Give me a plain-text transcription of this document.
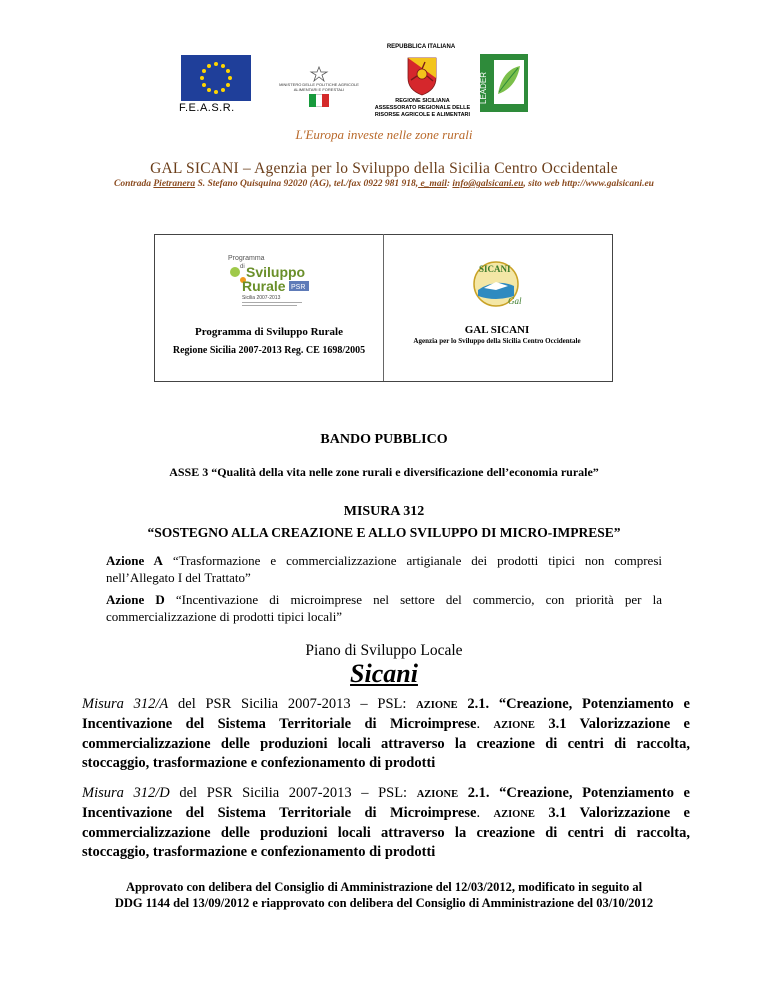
F.E.A.S.R.
MINISTERO DELLE POLITICHE AGRICOLE ALIMENTARI E FORESTALI
REPUBBLICA ITALIANA
REGIONE SICILIANA
ASSESSORATO REGIONALE DELLE
RISORSE AGRICOLE E ALIMENTARI
LEADER
L'Europa investe nelle zone rurali
GAL SICANI – Agenzia per lo Sviluppo della Sicilia Centro Occidentale
Contrada Pietranera S. Stefano Quisquina 92020 (AG), tel./fax 0922 981 918, e_mail: info@galsicani.eu, sito web http://www.galsicani.eu
Programma
di Sviluppo
Rurale PSR
Sicilia 2007-2013
Programma di Sviluppo Rurale
Regione Sicilia 2007-2013 Reg. CE 1698/2005
SICANI
Gal
GAL SICANI
Agenzia per lo Sviluppo della Sicilia Centro Occidentale
BANDO PUBBLICO
ASSE 3 “Qualità della vita nelle zone rurali e diversificazione dell’economia rurale”
MISURA 312
“SOSTEGNO ALLA CREAZIONE E ALLO SVILUPPO DI MICRO-IMPRESE”
Azione A “Trasformazione e commercializzazione artigianale dei prodotti tipici non compresi nell’Allegato I del Trattato”
Azione D “Incentivazione di microimprese nel settore del commercio, con priorità per la commercializzazione di prodotti tipici locali”
Piano di Sviluppo Locale
Sicani
Misura 312/A del PSR Sicilia 2007-2013 – PSL: AZIONE 2.1. “Creazione, Potenziamento e Incentivazione del Sistema Territoriale di Microimprese. AZIONE 3.1 Valorizzazione e commercializzazione delle produzioni locali attraverso la creazione di centri di raccolta, stoccaggio, trasformazione e confezionamento di prodotti
Misura 312/D del PSR Sicilia 2007-2013 – PSL: AZIONE 2.1. “Creazione, Potenziamento e Incentivazione del Sistema Territoriale di Microimprese. AZIONE 3.1 Valorizzazione e commercializzazione delle produzioni locali attraverso la creazione di centri di raccolta, stoccaggio, trasformazione e confezionamento di prodotti
Approvato con delibera del Consiglio di Amministrazione del 12/03/2012, modificato in seguito al
DDG 1144 del 13/09/2012 e riapprovato con delibera del Consiglio di Amministrazione del 03/10/2012
